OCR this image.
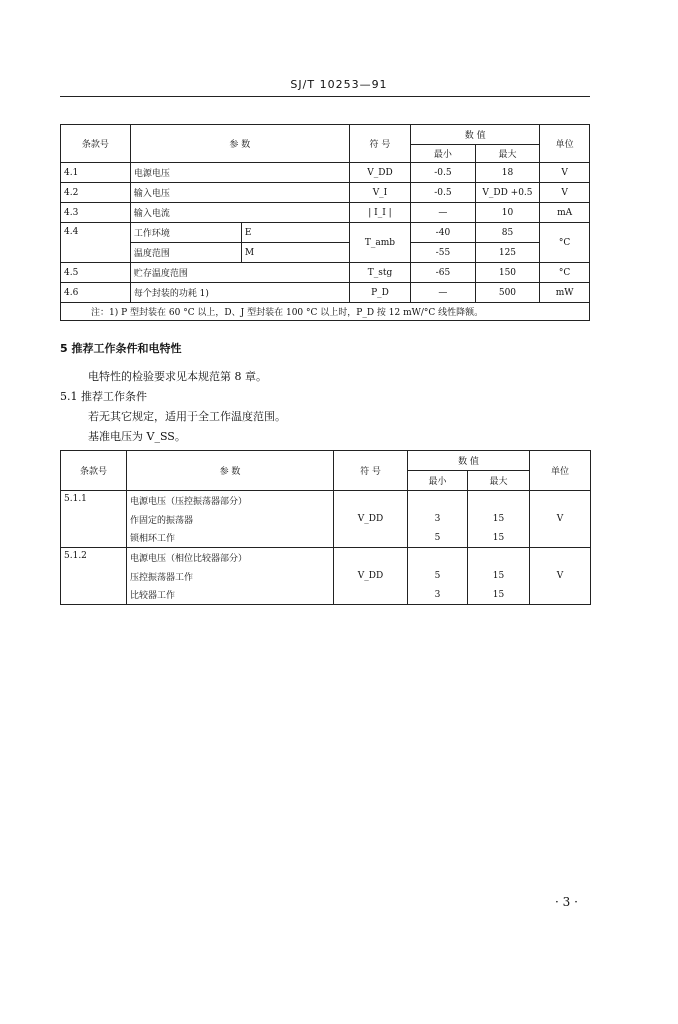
SJ/T 10253—91
条款号	参 数		符 号	数 值		单位
				最小	最大	
4.1	电源电压		V_DD	-0.5	18	V
4.2	输入电压		V_I	-0.5	V_DD +0.5	V
4.3	输入电流		| I_I |	—	10	mA
4.4	工作环境	E	T_amb	-40	85	°C
	温度范围	M		-55	125	
4.5	贮存温度范围		T_stg	-65	150	°C
4.6	每个封装的功耗 1)		P_D	—	500	mW
注：1) P 型封装在 60 °C 以上，D、J 型封装在 100 °C 以上时，P_D 按 12 mW/°C 线性降额。						
5 推荐工作条件和电特性
电特性的检验要求见本规范第 8 章。
5.1 推荐工作条件
若无其它规定，适用于全工作温度范围。
基准电压为 V_SS。
条款号	参 数	符 号	数 值		单位
			最小	最大	
5.1.1	电源电压（压控振荡器部分）	V_DD			V
	作固定的振荡器		3	15	
	锁相环工作		5	15	
5.1.2	电源电压（相位比较器部分）	V_DD			V
	压控振荡器工作		5	15	
	比较器工作		3	15	
· 3 ·
